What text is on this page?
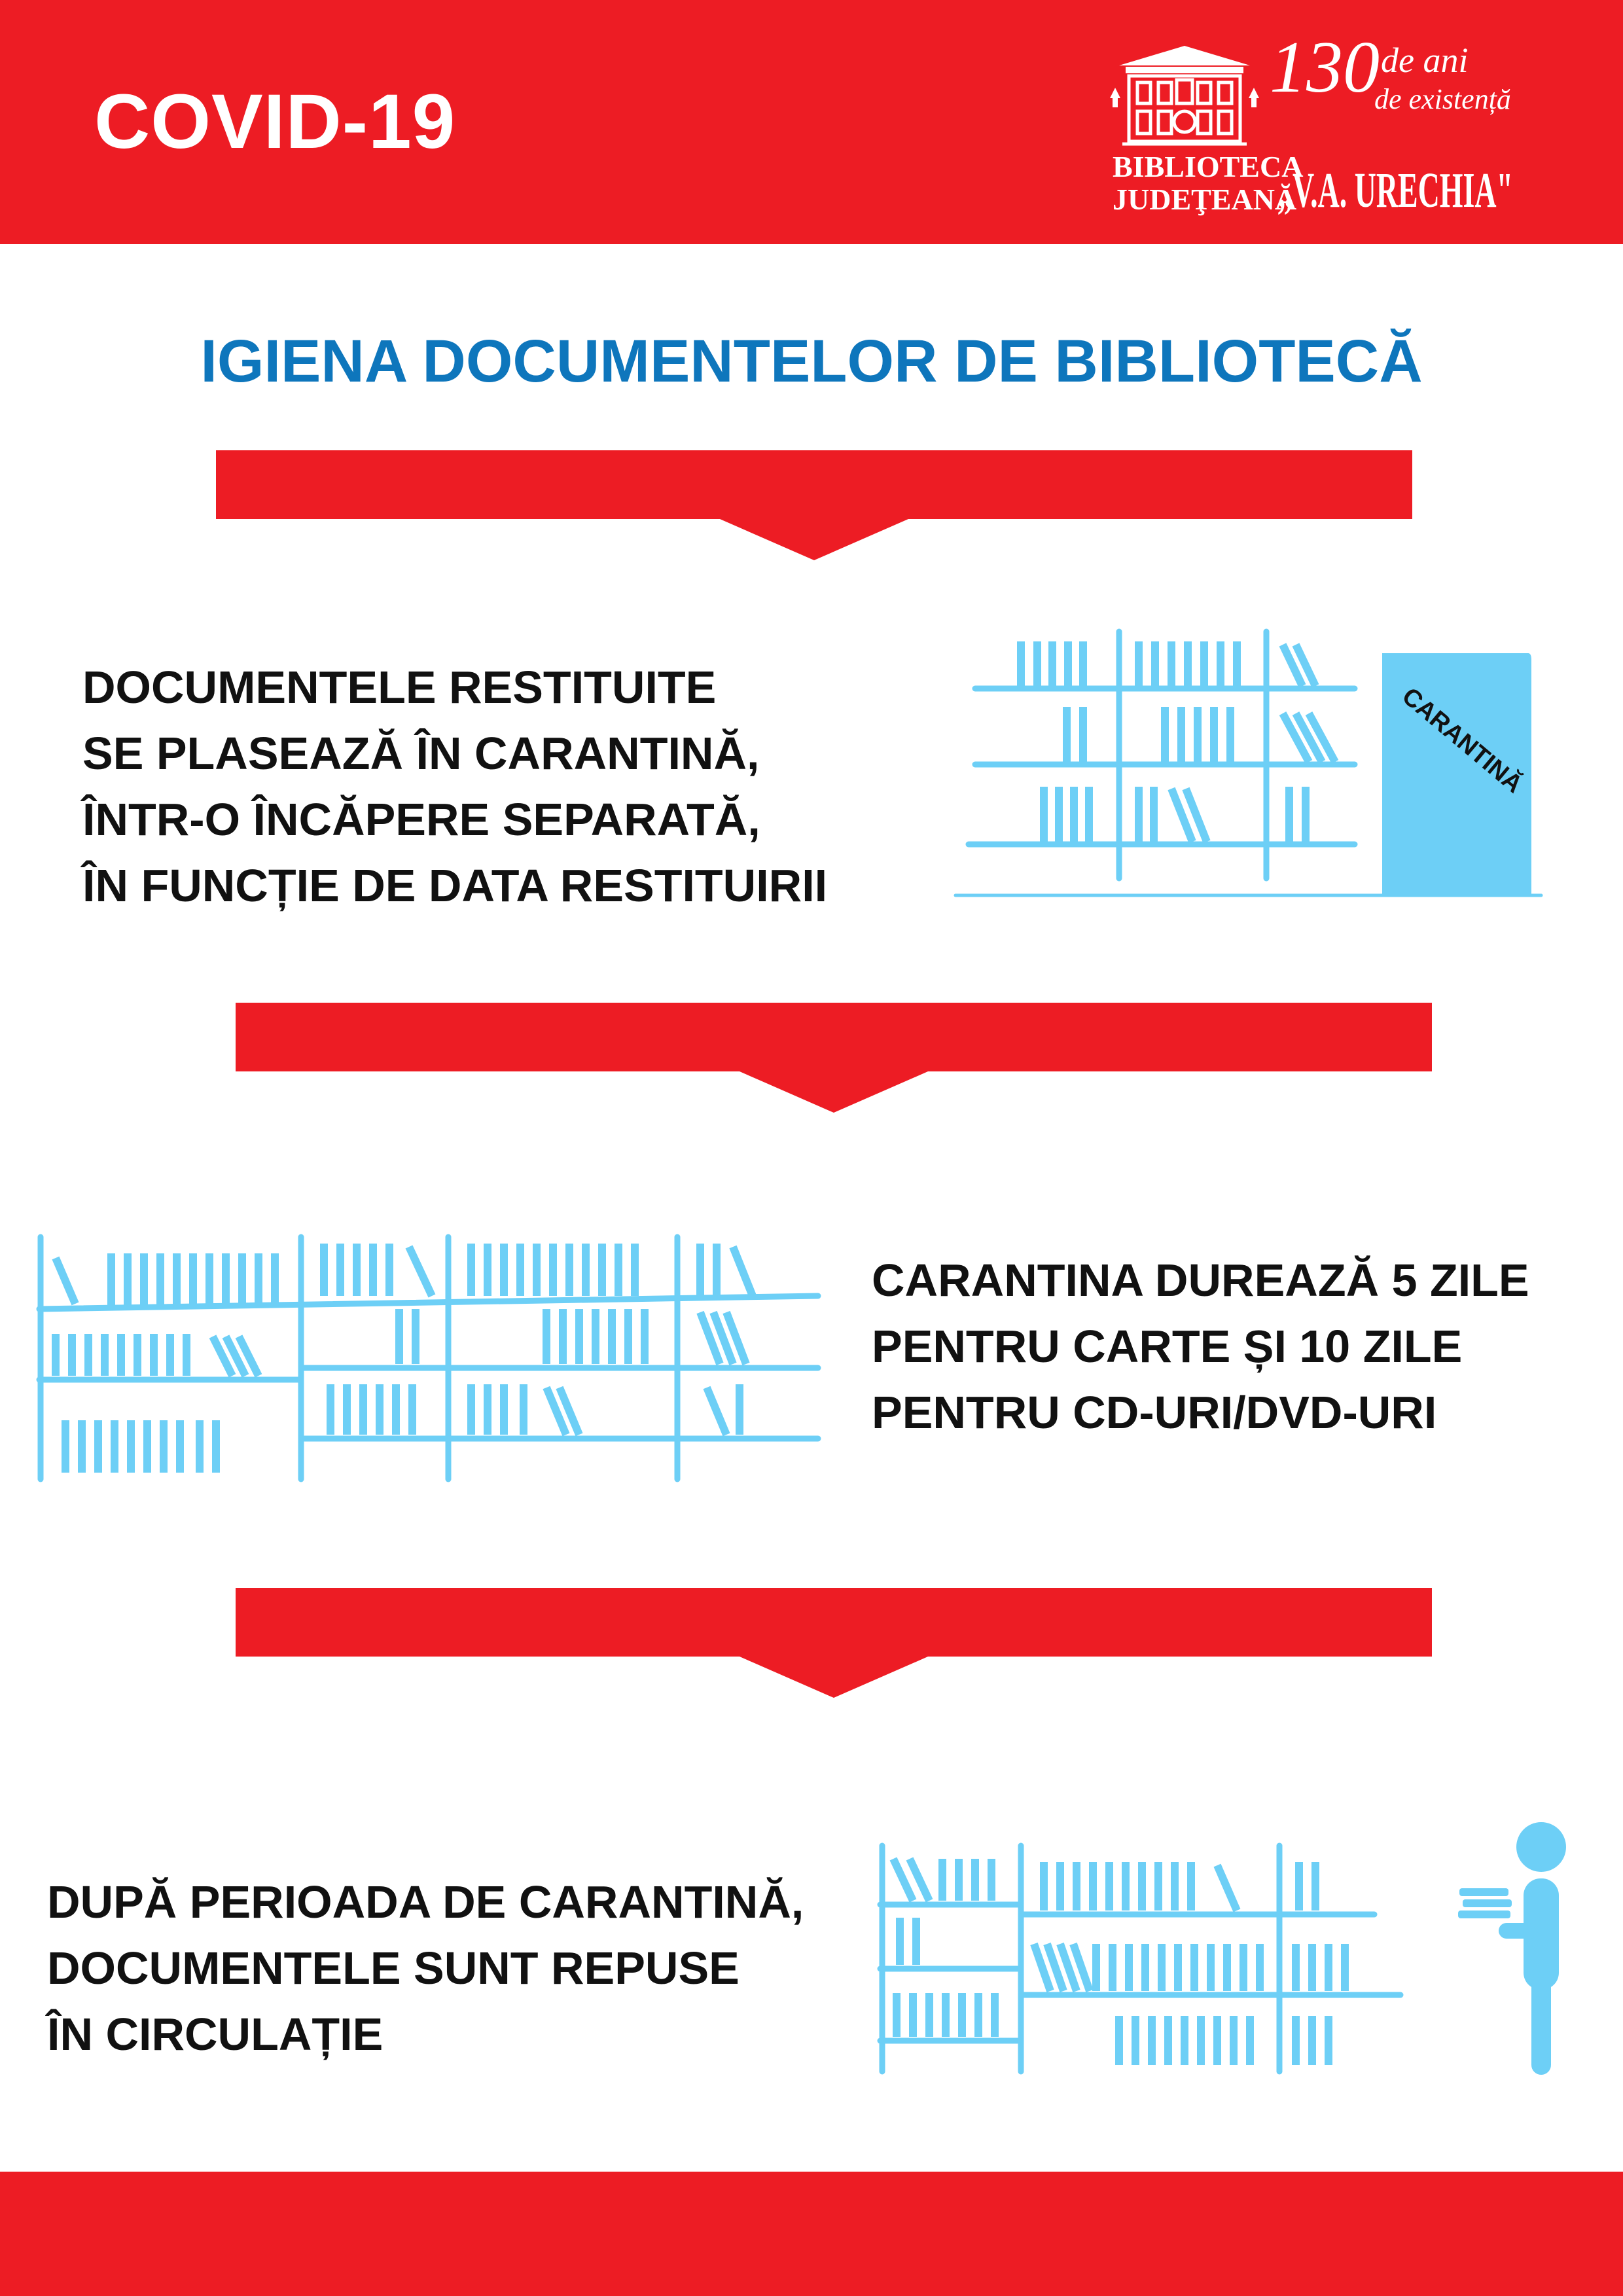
COVID-19
130 de ani
de existență
BIBLIOTECA
JUDEŢEANĂ
„V.A. URECHIA"
IGIENA DOCUMENTELOR DE BIBLIOTECĂ
DOCUMENTELE RESTITUITE
SE PLASEAZĂ ÎN CARANTINĂ,
ÎNTR-O ÎNCĂPERE SEPARATĂ,
ÎN FUNCȚIE DE DATA RESTITUIRII
CARANTINĂ
CARANTINA DUREAZĂ 5 ZILE
PENTRU CARTE ȘI 10 ZILE
PENTRU CD-URI/DVD-URI
DUPĂ PERIOADA DE CARANTINĂ,
DOCUMENTELE SUNT REPUSE
ÎN CIRCULAȚIE
